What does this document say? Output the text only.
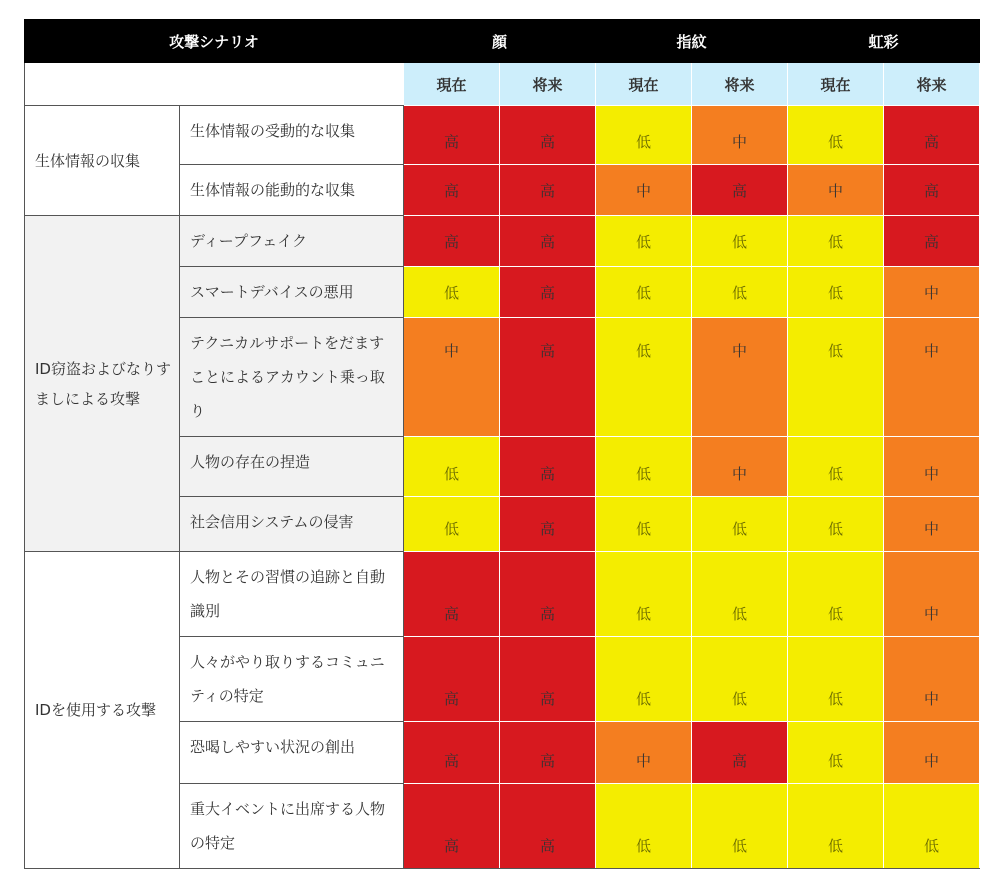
攻撃シナリオ		顔		指紋		虹彩	
		現在	将来	現在	将来	現在	将来
生体情報の収集	生体情報の受動的な収集	高	高	低	中	低	高
	生体情報の能動的な収集	高	高	中	高	中	高
ID窃盗およびなりすましによる攻撃	ディープフェイク	高	高	低	低	低	高
	スマートデバイスの悪用	低	高	低	低	低	中
	テクニカルサポートをだますことによるアカウント乗っ取り	中	高	低	中	低	中
	人物の存在の捏造	低	高	低	中	低	中
	社会信用システムの侵害	低	高	低	低	低	中
IDを使用する攻撃	人物とその習慣の追跡と自動識別	高	高	低	低	低	中
	人々がやり取りするコミュニティの特定	高	高	低	低	低	中
	恐喝しやすい状況の創出	高	高	中	高	低	中
	重大イベントに出席する人物の特定	高	高	低	低	低	低
